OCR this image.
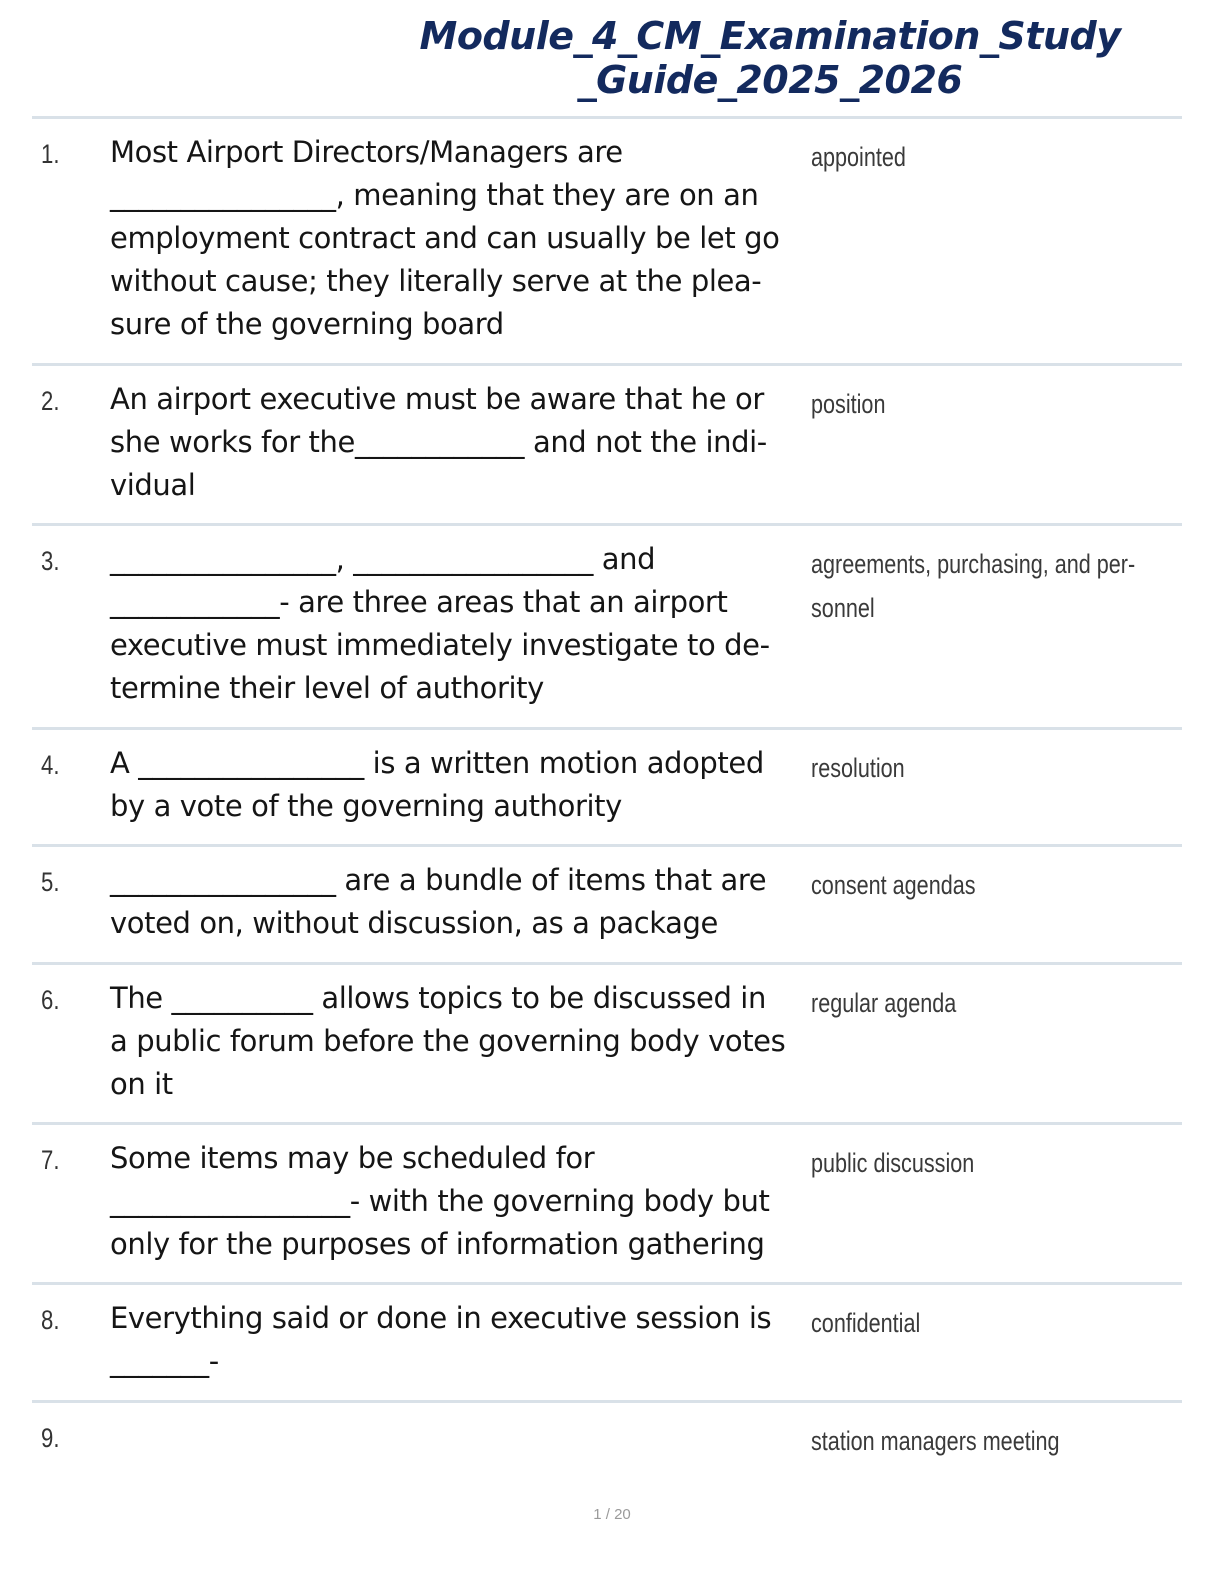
Module_4_CM_Examination_Study
_Guide_2025_2026
1. Most Airport Directors/Managers are
________________, meaning that they are on an
employment contract and can usually be let go
without cause; they literally serve at the plea-
sure of the governing board
appointed
2. An airport executive must be aware that he or
she works for the____________ and not the indi-
vidual
position
3. ________________, _________________ and
____________- are three areas that an airport
executive must immediately investigate to de-
termine their level of authority
agreements, purchasing, and per-
sonnel
4. A ________________ is a written motion adopted
by a vote of the governing authority
resolution
5. ________________ are a bundle of items that are
voted on, without discussion, as a package
consent agendas
6. The __________ allows topics to be discussed in
a public forum before the governing body votes
on it
regular agenda
7. Some items may be scheduled for
_________________- with the governing body but
only for the purposes of information gathering
public discussion
8. Everything said or done in executive session is
_______-
confidential
9.	station managers meeting
1 / 20
